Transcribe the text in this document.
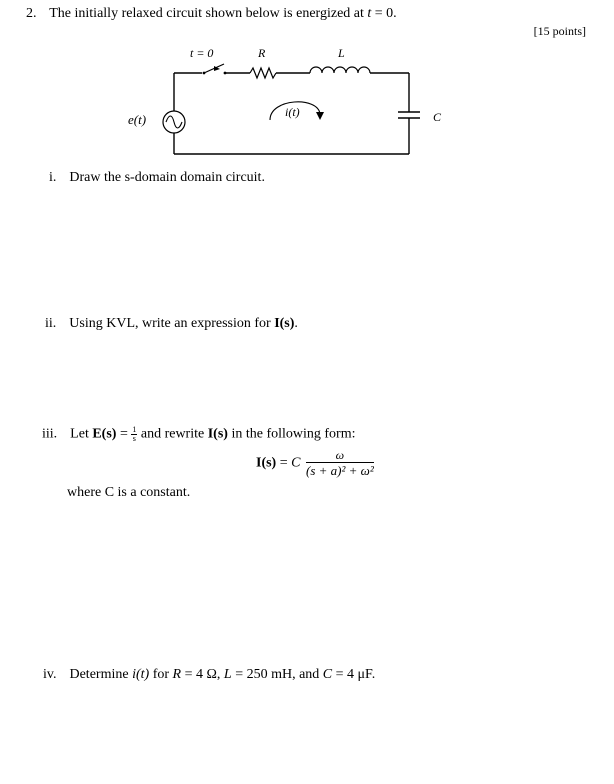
2. The initially relaxed circuit shown below is energized at t = 0.
[15 points]
t = 0	R	L
C
e(t)	i(t)
i. Draw the s-domain domain circuit.
ii. Using KVL, write an expression for I(s).
iii. Let $E(s) = \frac{1}{s}$ and rewrite I(s) in the following form:
I(s) = C $\frac{\omega}{\text{(s + a)² + ω²}}$
where C is a constant.
iv. Determine i(t) for R = 4 Ω, L = 250 mH, and C = 4 μF.
